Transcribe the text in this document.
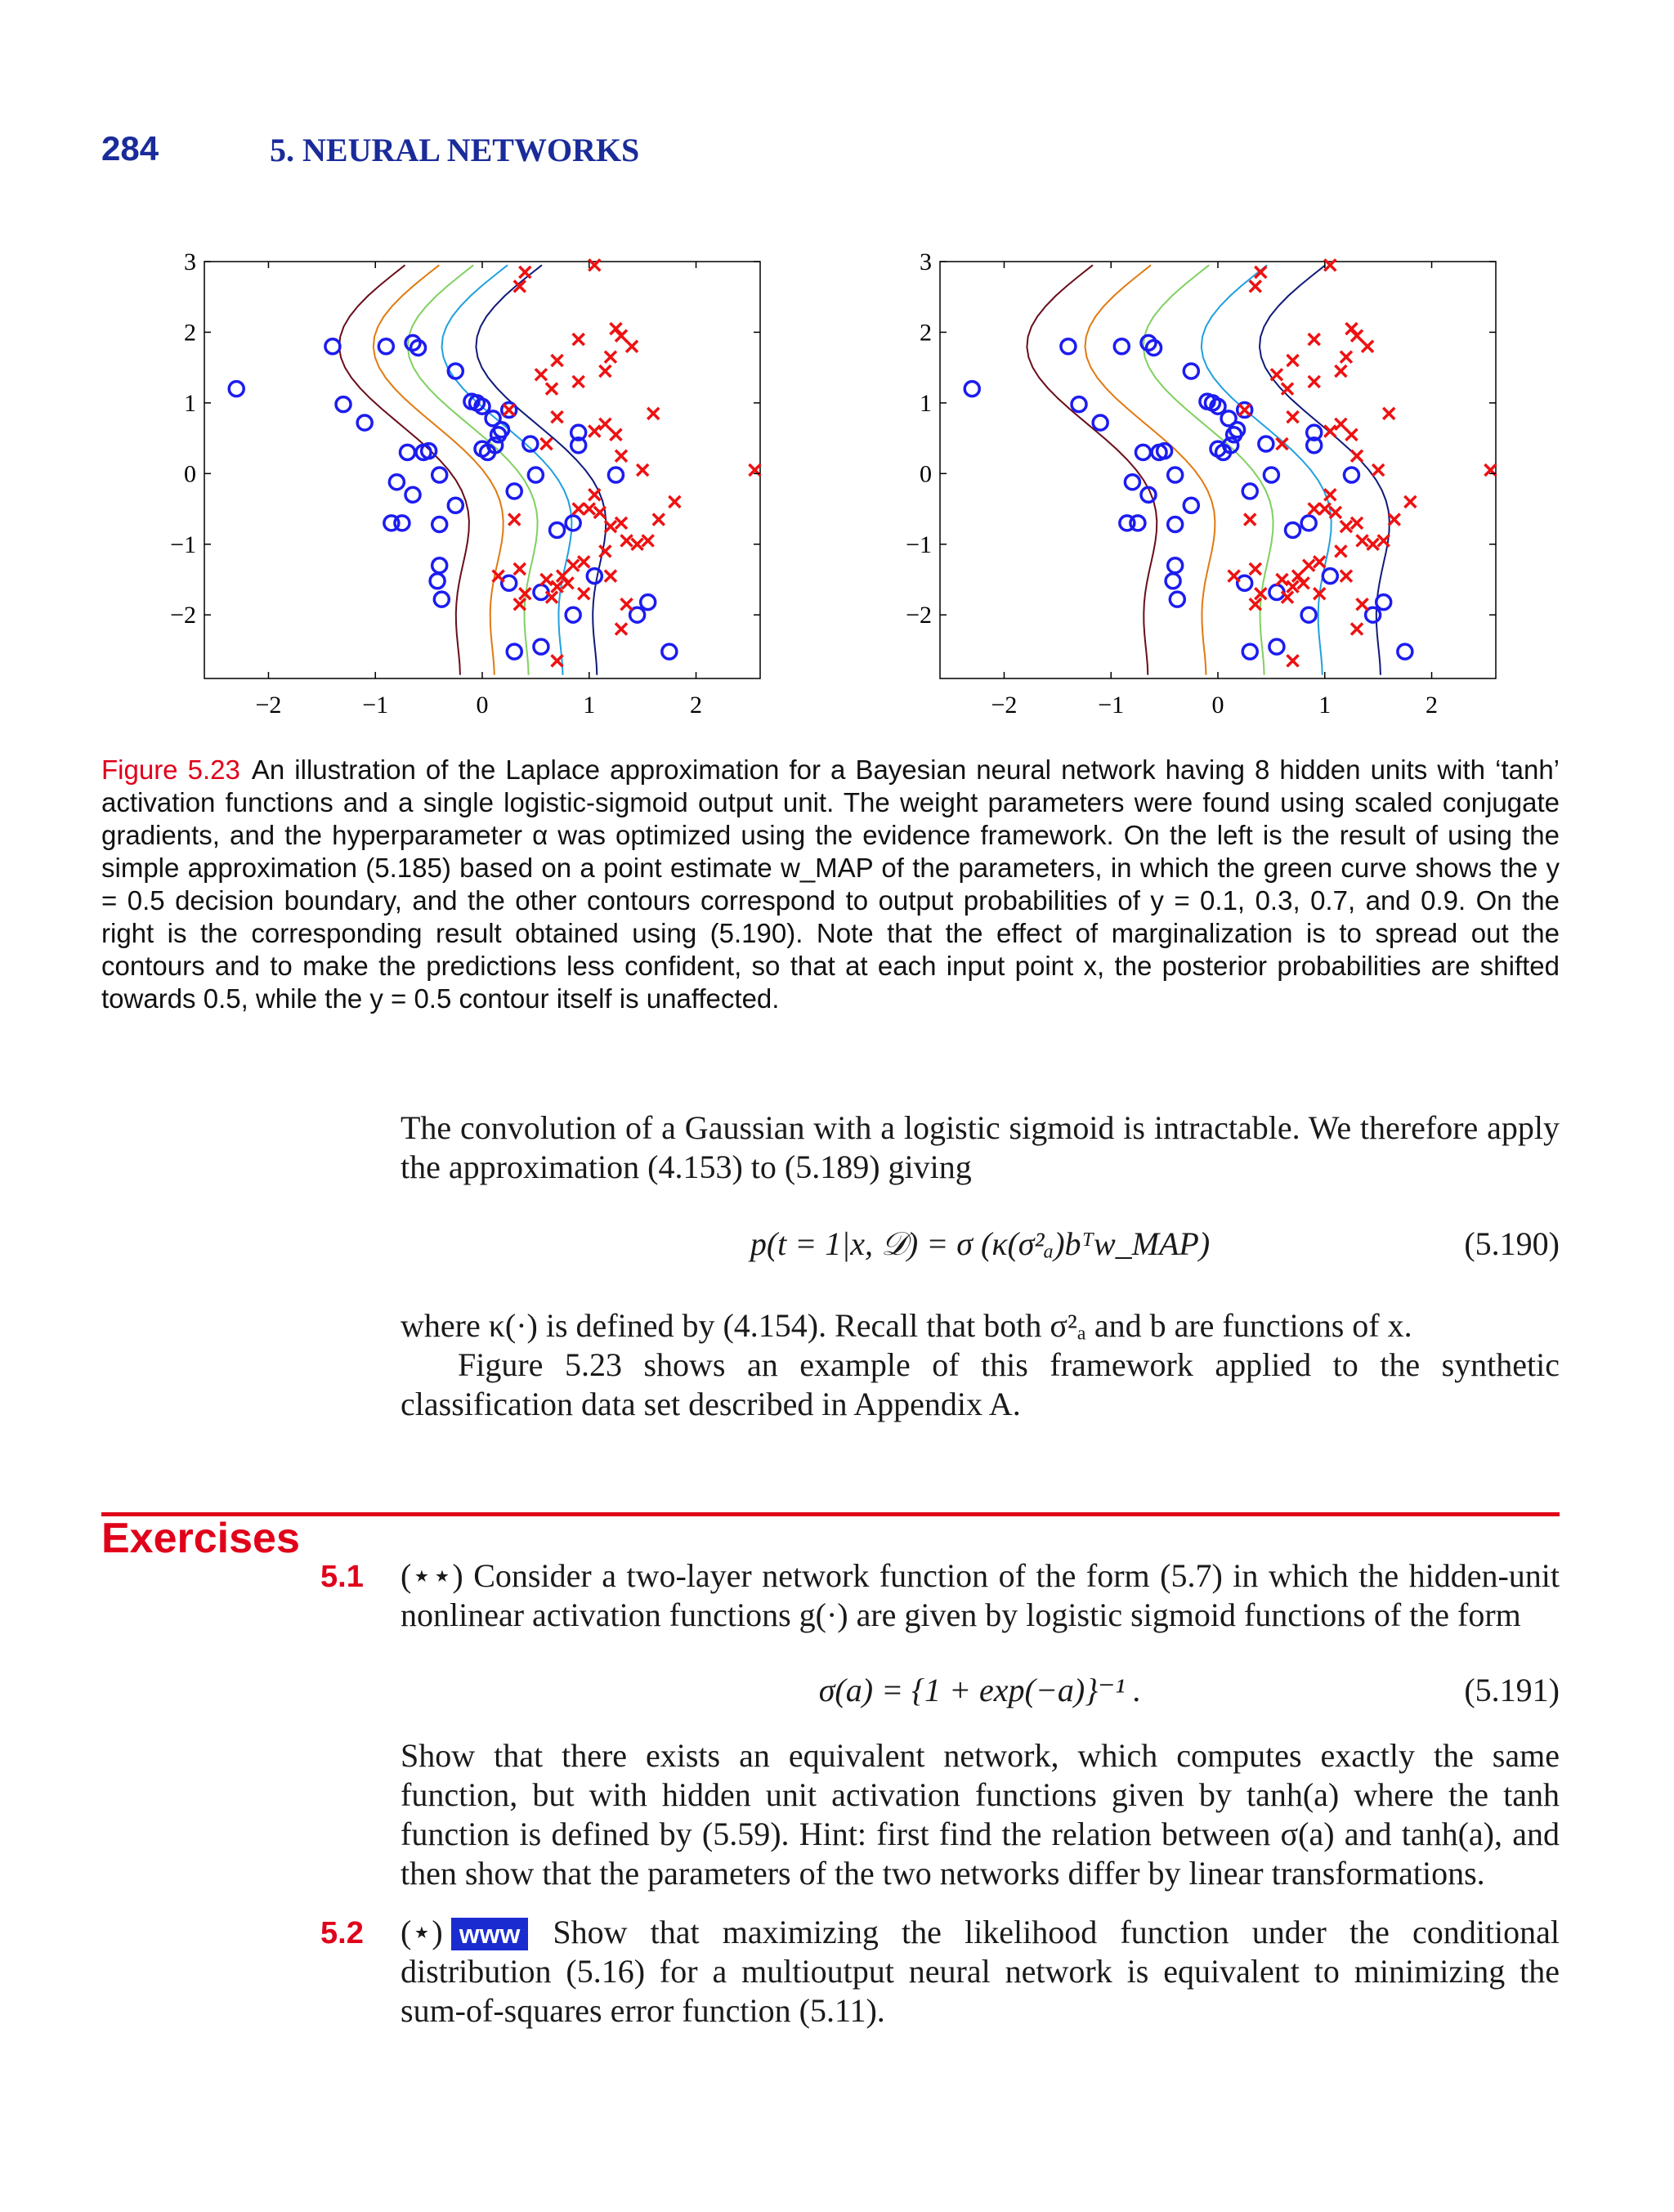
284	5. NEURAL NETWORKS
−2	−1	0	1	2
3
2
1
0
−1
−2
−2	−1	0	1	2
3
2
1
0
−1
−2
Figure 5.23 An illustration of the Laplace approximation for a Bayesian neural network having 8 hidden units with ‘tanh’ activation functions and a single logistic-sigmoid output unit. The weight parameters were found using scaled conjugate gradients, and the hyperparameter α was optimized using the evidence framework. On the left is the result of using the simple approximation (5.185) based on a point estimate w_MAP of the parameters, in which the green curve shows the y = 0.5 decision boundary, and the other contours correspond to output probabilities of y = 0.1, 0.3, 0.7, and 0.9. On the right is the corresponding result obtained using (5.190). Note that the effect of marginalization is to spread out the contours and to make the predictions less confident, so that at each input point x, the posterior probabilities are shifted towards 0.5, while the y = 0.5 contour itself is unaffected.
The convolution of a Gaussian with a logistic sigmoid is intractable. We therefore apply the approximation (4.153) to (5.189) giving
p(t = 1|x, 𝒟) = σ (κ(σ²ₐ)bᵀw_MAP)	(5.190)
where κ(·) is defined by (4.154). Recall that both σ²ₐ and b are functions of x.
Figure 5.23 shows an example of this framework applied to the synthetic classification data set described in Appendix A.
Exercises
5.1 (⋆⋆) Consider a two-layer network function of the form (5.7) in which the hidden-unit nonlinear activation functions g(·) are given by logistic sigmoid functions of the form
σ(a) = {1 + exp(−a)}⁻¹ .	(5.191)
Show that there exists an equivalent network, which computes exactly the same function, but with hidden unit activation functions given by tanh(a) where the tanh function is defined by (5.59). Hint: first find the relation between σ(a) and tanh(a), and then show that the parameters of the two networks differ by linear transformations.
5.2 (⋆) www Show that maximizing the likelihood function under the conditional distribution (5.16) for a multioutput neural network is equivalent to minimizing the sum-of-squares error function (5.11).
